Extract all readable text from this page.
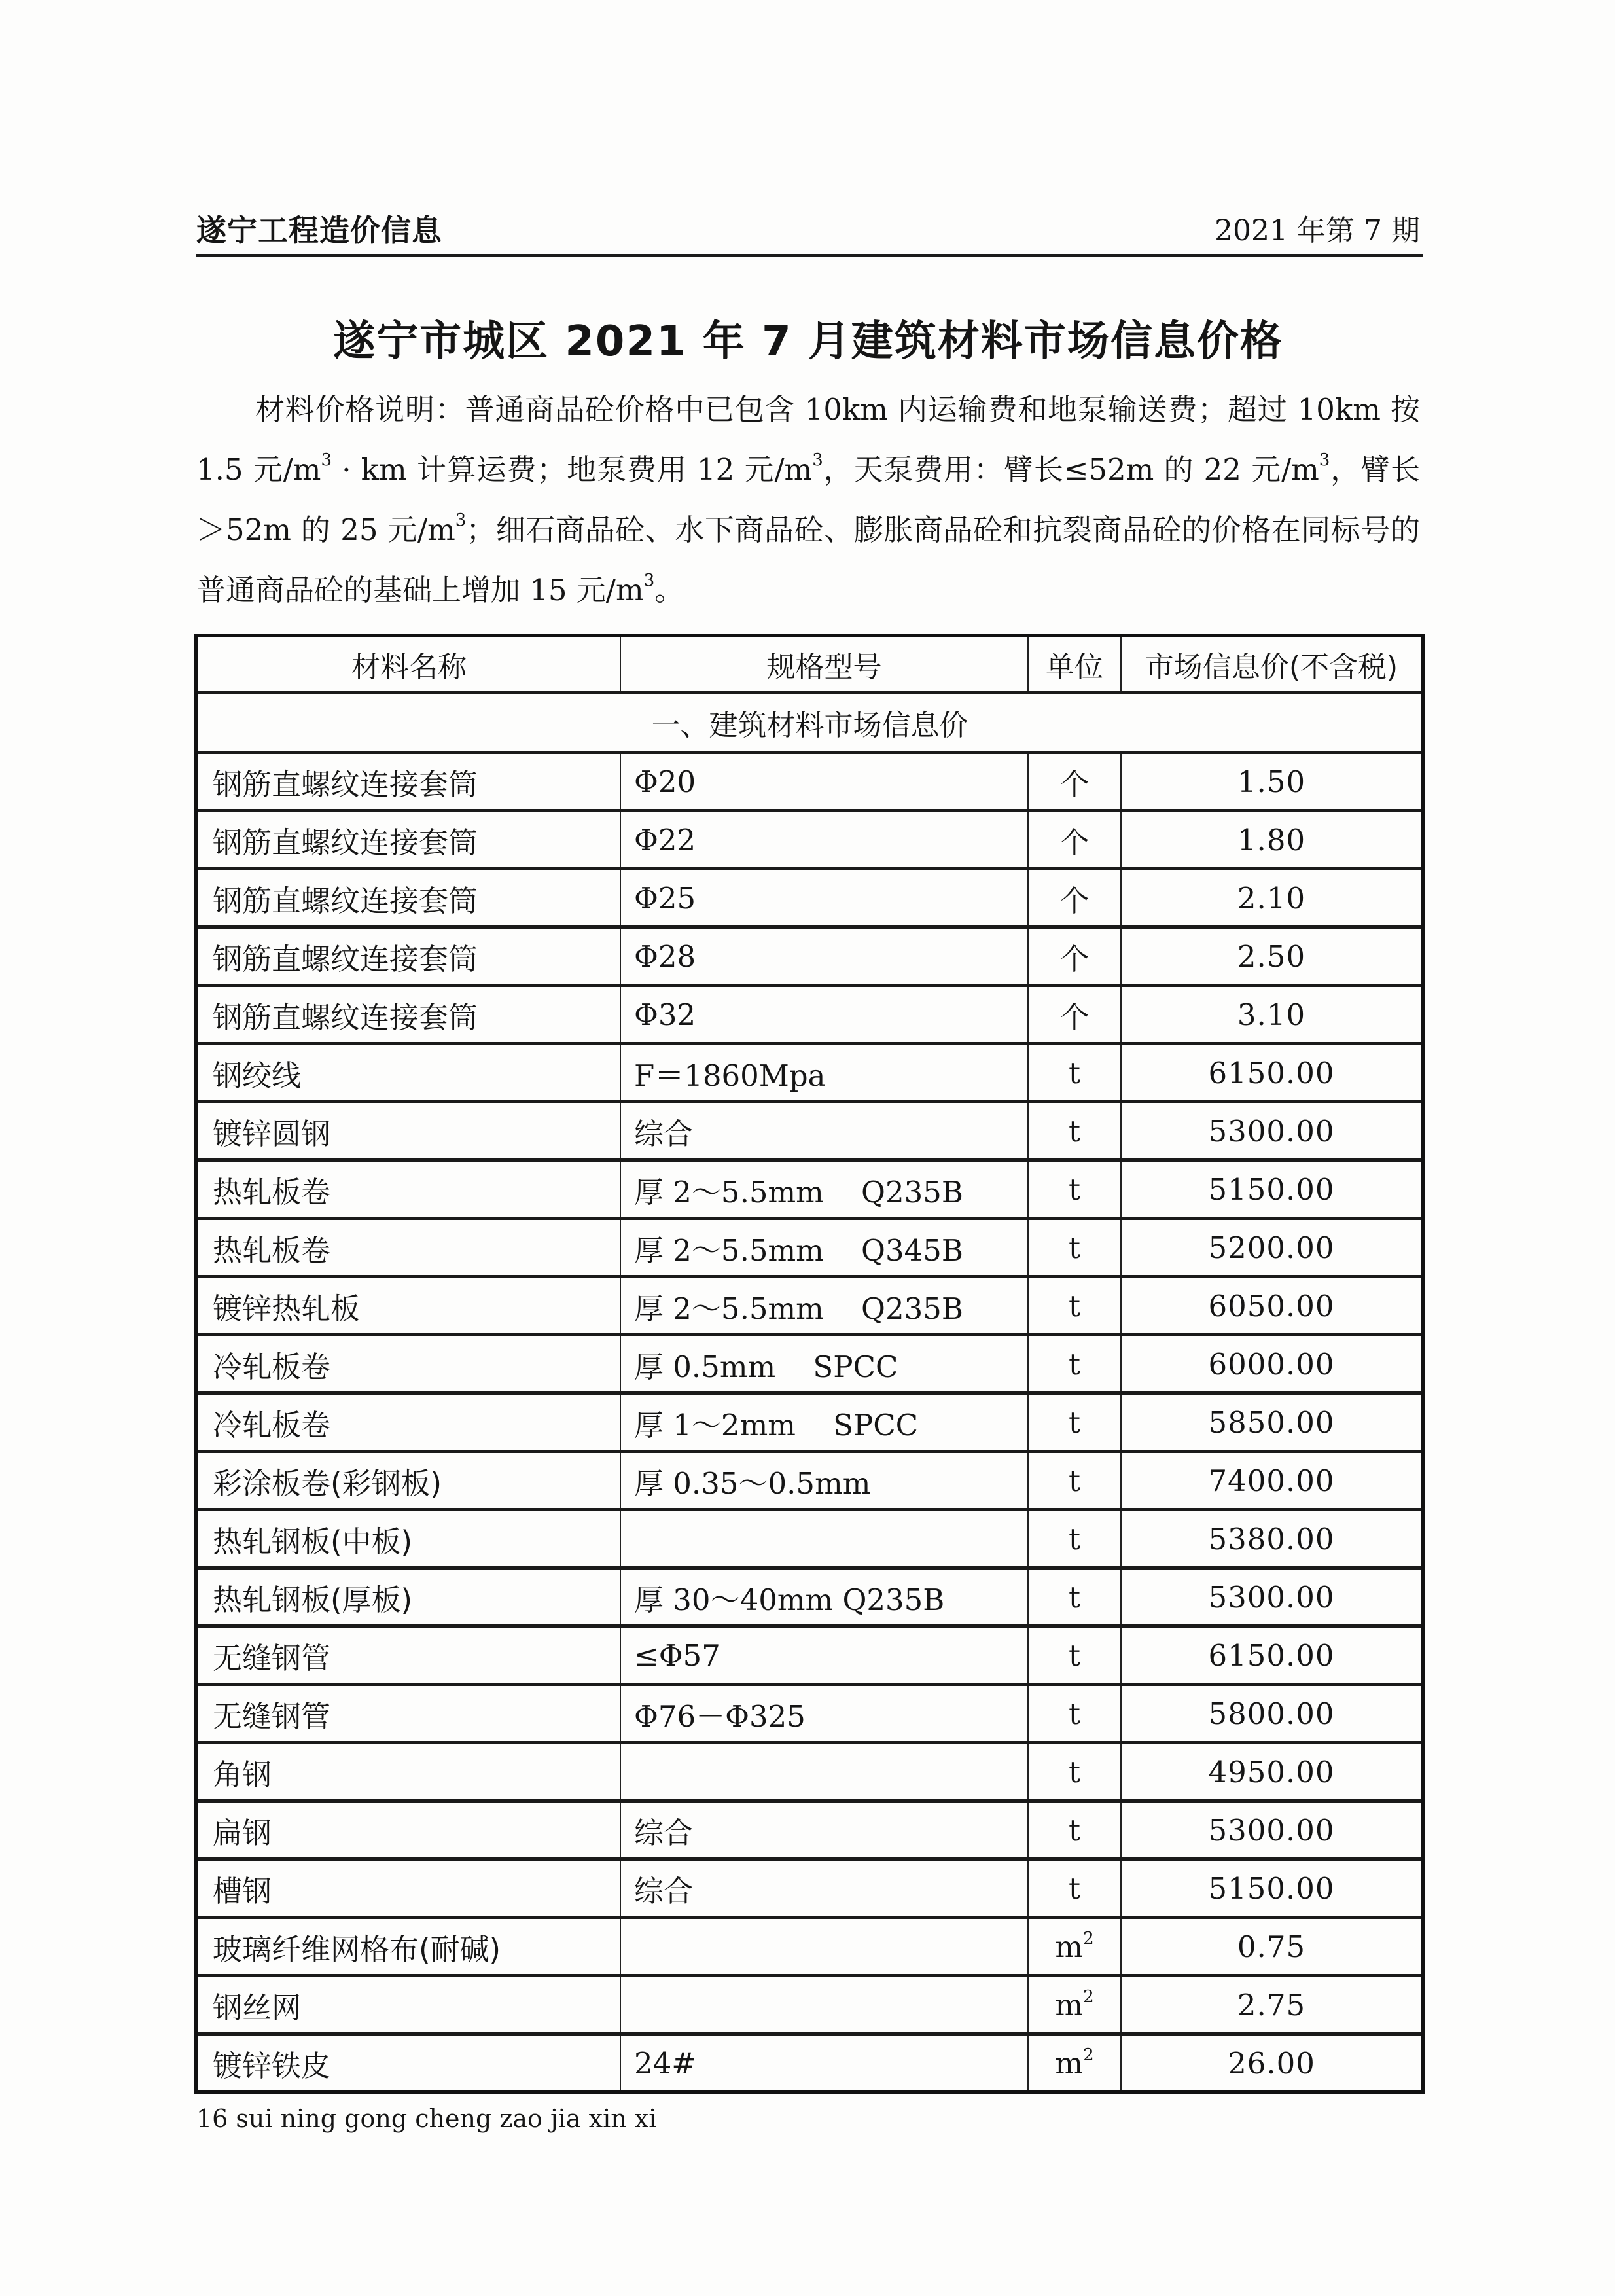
遂宁工程造价信息	2021 年第 7 期
遂宁市城区 2021 年 7 月建筑材料市场信息价格

材料价格说明：普通商品砼价格中已包含 10km 内运输费和地泵输送费；超过 10km 按 1.5 元$/m^3$ · km 计算运费；地泵费用 12 元$/m^3$，天泵费用：臂长≤52m 的 22 元$/m^3$，臂长＞52m 的 25 元$/m^3$；细石商品砼、水下商品砼、膨胀商品砼和抗裂商品砼的价格在同标号的普通商品砼的基础上增加 15 元$/m^3$。

材料名称	规格型号	单位	市场信息价(不含税)
一、建筑材料市场信息价			
钢筋直螺纹连接套筒	Φ20	个	1.50
钢筋直螺纹连接套筒	Φ22	个	1.80
钢筋直螺纹连接套筒	Φ25	个	2.10
钢筋直螺纹连接套筒	Φ28	个	2.50
钢筋直螺纹连接套筒	Φ32	个	3.10
钢绞线	F＝1860Mpa	t	6150.00
镀锌圆钢	综合	t	5300.00
热轧板卷	厚 2～5.5mm    Q235B	t	5150.00
热轧板卷	厚 2～5.5mm    Q345B	t	5200.00
镀锌热轧板	厚 2～5.5mm    Q235B	t	6050.00
冷轧板卷	厚 0.5mm    SPCC	t	6000.00
冷轧板卷	厚 1～2mm    SPCC	t	5850.00
彩涂板卷(彩钢板)	厚 0.35～0.5mm	t	7400.00
热轧钢板(中板)		t	5380.00
热轧钢板(厚板)	厚 30～40mm Q235B	t	5300.00
无缝钢管	≤Φ57	t	6150.00
无缝钢管	Φ76－Φ325	t	5800.00
角钢		t	4950.00
扁钢	综合	t	5300.00
槽钢	综合	t	5150.00
玻璃纤维网格布(耐碱)		$m^2$	0.75
钢丝网		$m^2$	2.75
镀锌铁皮	24#	$m^2$	26.00
16 sui ning gong cheng zao jia xin xi
